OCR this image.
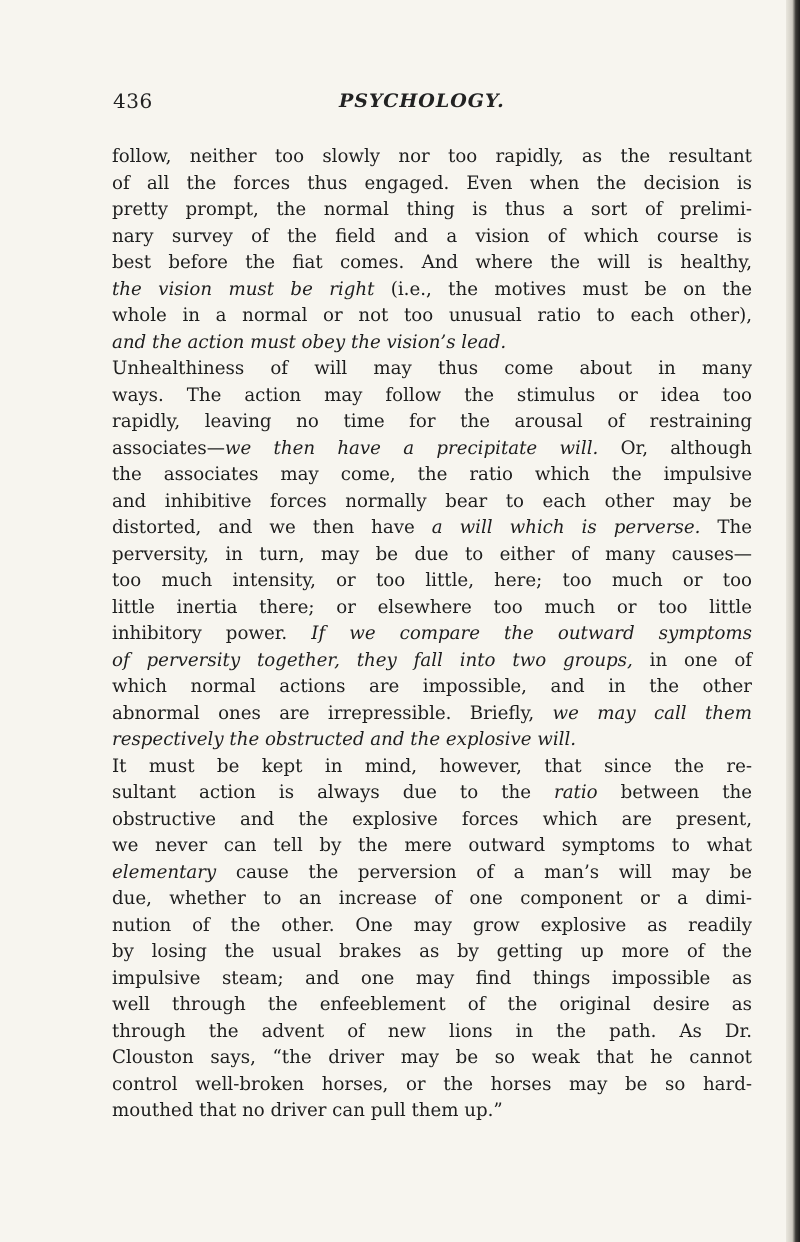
436	PSYCHOLOGY.
follow, neither too slowly nor too rapidly, as the resultant
of all the forces thus engaged. Even when the decision is
pretty prompt, the normal thing is thus a sort of prelimi-
nary survey of the field and a vision of which course is
best before the fiat comes. And where the will is healthy,
the vision must be right (i.e., the motives must be on the
whole in a normal or not too unusual ratio to each other),
and the action must obey the vision’s lead.
Unhealthiness of will may thus come about in many
ways. The action may follow the stimulus or idea too
rapidly, leaving no time for the arousal of restraining
associates—we then have a precipitate will. Or, although
the associates may come, the ratio which the impulsive
and inhibitive forces normally bear to each other may be
distorted, and we then have a will which is perverse. The
perversity, in turn, may be due to either of many causes—
too much intensity, or too little, here; too much or too
little inertia there; or elsewhere too much or too little
inhibitory power. If we compare the outward symptoms
of perversity together, they fall into two groups, in one of
which normal actions are impossible, and in the other
abnormal ones are irrepressible. Briefly, we may call them
respectively the obstructed and the explosive will.
It must be kept in mind, however, that since the re-
sultant action is always due to the ratio between the
obstructive and the explosive forces which are present,
we never can tell by the mere outward symptoms to what
elementary cause the perversion of a man’s will may be
due, whether to an increase of one component or a dimi-
nution of the other. One may grow explosive as readily
by losing the usual brakes as by getting up more of the
impulsive steam; and one may find things impossible as
well through the enfeeblement of the original desire as
through the advent of new lions in the path. As Dr.
Clouston says, “the driver may be so weak that he cannot
control well-broken horses, or the horses may be so hard-
mouthed that no driver can pull them up.”
